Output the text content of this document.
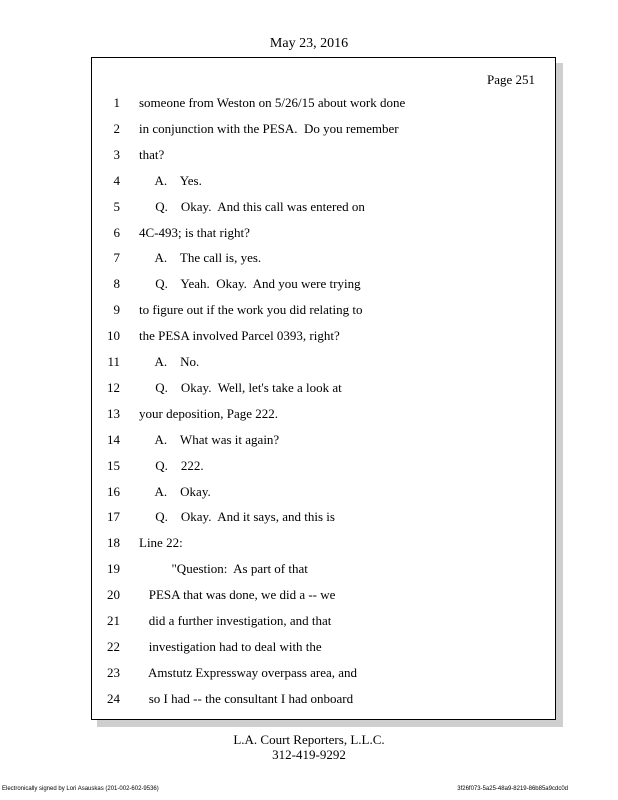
May 23, 2016
Page 251
1 someone from Weston on 5/26/15 about work done
2 in conjunction with the PESA.  Do you remember
3 that?
4 A.    Yes.
5 Q.    Okay.  And this call was entered on
6 4C-493; is that right?
7 A.    The call is, yes.
8 Q.    Yeah.  Okay.  And you were trying
9 to figure out if the work you did relating to
10 the PESA involved Parcel 0393, right?
11 A.    No.
12 Q.    Okay.  Well, let's take a look at
13 your deposition, Page 222.
14 A.    What was it again?
15 Q.    222.
16 A.    Okay.
17 Q.    Okay.  And it says, and this is
18 Line 22:
19 "Question:  As part of that
20 PESA that was done, we did a -- we
21 did a further investigation, and that
22 investigation had to deal with the
23 Amstutz Expressway overpass area, and
24 so I had -- the consultant I had onboard
L.A. Court Reporters, L.L.C.
312-419-9292
Electronically signed by Lori Asauskas (201-002-602-9536)	3f26f073-5a25-48a9-8219-86b85a9cdc0d
